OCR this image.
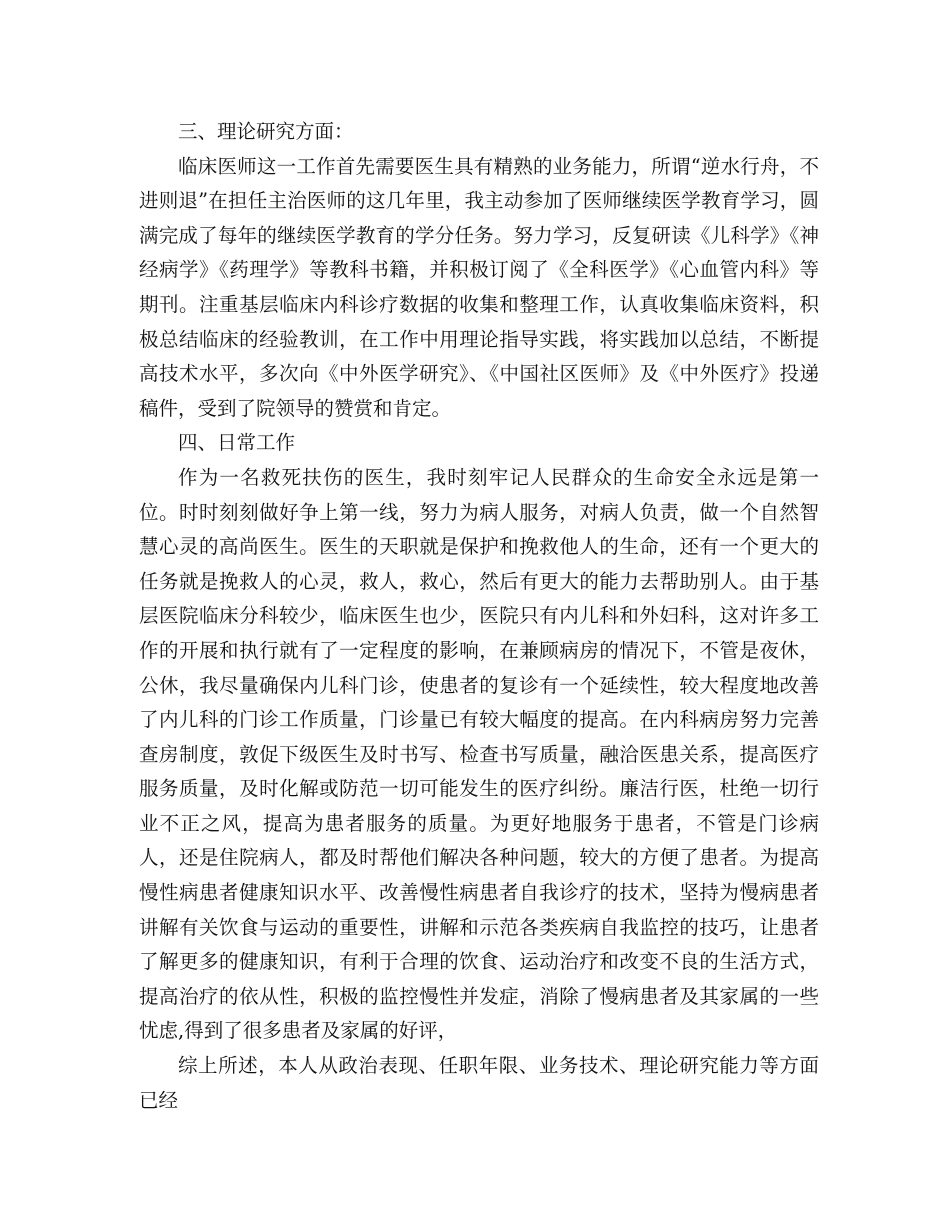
三、理论研究方面：

临床医师这一工作首先需要医生具有精熟的业务能力，所谓“逆水行舟，不进则退”在担任主治医师的这几年里，我主动参加了医师继续医学教育学习，圆满完成了每年的继续医学教育的学分任务。努力学习，反复研读《儿科学》《神经病学》《药理学》等教科书籍，并积极订阅了《全科医学》《心血管内科》等期刊。注重基层临床内科诊疗数据的收集和整理工作，认真收集临床资料，积极总结临床的经验教训，在工作中用理论指导实践，将实践加以总结，不断提高技术水平，多次向《中外医学研究》、《中国社区医师》及《中外医疗》投递稿件，受到了院领导的赞赏和肯定。

四、日常工作

作为一名救死扶伤的医生，我时刻牢记人民群众的生命安全永远是第一位。时时刻刻做好争上第一线，努力为病人服务，对病人负责，做一个自然智慧心灵的高尚医生。医生的天职就是保护和挽救他人的生命，还有一个更大的任务就是挽救人的心灵，救人，救心，然后有更大的能力去帮助别人。由于基层医院临床分科较少，临床医生也少，医院只有内儿科和外妇科，这对许多工作的开展和执行就有了一定程度的影响，在兼顾病房的情况下，不管是夜休，公休，我尽量确保内儿科门诊，使患者的复诊有一个延续性，较大程度地改善了内儿科的门诊工作质量，门诊量已有较大幅度的提高。在内科病房努力完善查房制度，敦促下级医生及时书写、检查书写质量，融洽医患关系，提高医疗服务质量，及时化解或防范一切可能发生的医疗纠纷。廉洁行医，杜绝一切行业不正之风，提高为患者服务的质量。为更好地服务于患者，不管是门诊病人，还是住院病人，都及时帮他们解决各种问题，较大的方便了患者。为提高慢性病患者健康知识水平、改善慢性病患者自我诊疗的技术，坚持为慢病患者讲解有关饮食与运动的重要性，讲解和示范各类疾病自我监控的技巧，让患者了解更多的健康知识，有利于合理的饮食、运动治疗和改变不良的生活方式，提高治疗的依从性，积极的监控慢性并发症，消除了慢病患者及其家属的一些忧虑,得到了很多患者及家属的好评，

综上所述，本人从政治表现、任职年限、业务技术、理论研究能力等方面已经
